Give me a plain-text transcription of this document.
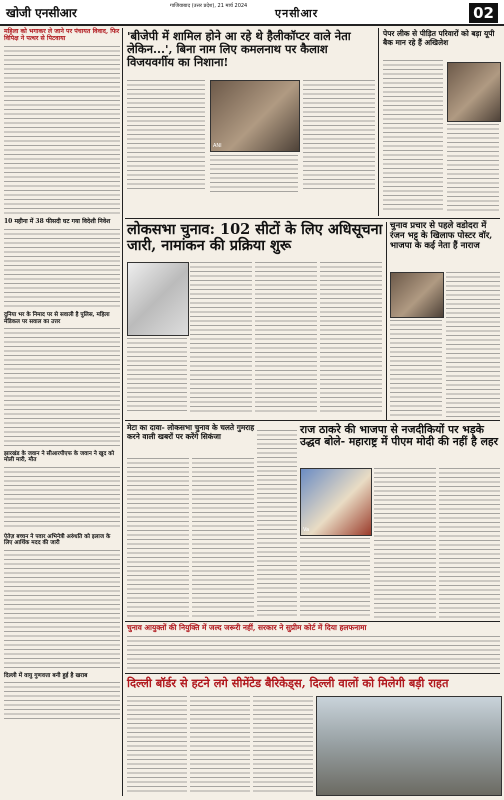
खोजी एनसीआर	गाजियाबाद (उत्तर प्रदेश), 21 मार्च 2024
एनसीआर	02
महिला को भगाकर ले जाने पर पंचायत विवाद, फिर विपिक्ष ने पत्थर से पिटवाया
10 महीना में 38 फीसदी घट गया विदेशी निवेश
दुनिया भर के निमाद पर से सवाली है पुलिस, महिला मेडिकल पर सवाल का उत्तर
झारखंड के जवान ने सीआरपीएफ के जवान ने खुद को मोली मारी, मौत
ऐतेज़ बच्चन ने पवार अभिनेत्री अरुंधति को इलाज के लिए आर्थिक मदद की जारी
दिल्ली में वायु गुणवत्ता बनी हुई है खराब
'बीजेपी में शामिल होने आ रहे थे हैलीकॉप्टर वाले नेता लेकिन...', बिना नाम लिए कमलनाथ पर कैलाश विजयवर्गीय का निशाना!
ANI
पेपर लीक से पीड़ित परिवारों को बड़ा यूपी बैक मान रहे हैं अखिलेश
लोकसभा चुनाव: 102 सीटों के लिए अधिसूचना जारी, नामांकन की प्रक्रिया शुरू
चुनाव प्रचार से पहले वडोदरा में रंजन भट्ट के खिलाफ पोस्टर वॉर, भाजपा के कई नेता हैं नाराज
मेटा का दावा- लोकसभा चुनाव के चलते गुमराह करने वाली खबरों पर करेंगे सिकंजा
राज ठाकरे की भाजपा से नजदीकियों पर भड़के उद्धव बोले- महाराष्ट्र में पीएम मोदी की नहीं है लहर
Va
चुनाव आयुक्तों की नियुक्ति में जल्द जरूरी नहीं, सरकार ने सुप्रीम कोर्ट में दिया हलफनामा
दिल्ली बॉर्डर से हटने लगे सीमेंटेड बैरिकेड्स, दिल्ली वालों को मिलेगी बड़ी राहत
